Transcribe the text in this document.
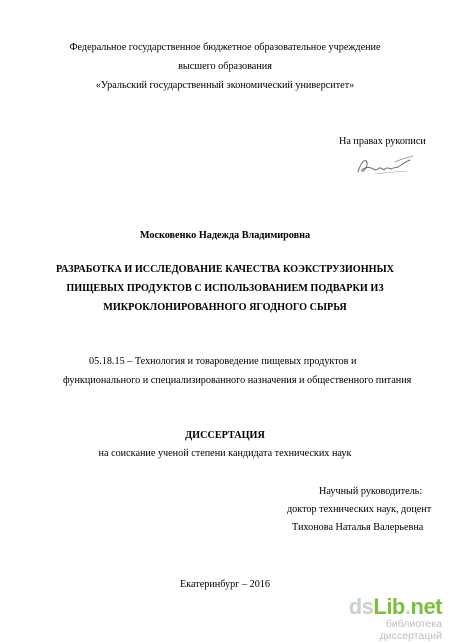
Федеральное государственное бюджетное образовательное учреждение

высшего образования

«Уральский государственный экономический университет»

На правах рукописи

Московенко Надежда Владимировна

РАЗРАБОТКА И ИССЛЕДОВАНИЕ КАЧЕСТВА КОЭКСТРУЗИОННЫХ

ПИЩЕВЫХ ПРОДУКТОВ С ИСПОЛЬЗОВАНИЕМ ПОДВАРКИ ИЗ

МИКРОКЛОНИРОВАННОГО ЯГОДНОГО СЫРЬЯ

05.18.15 – Технология и товароведение пищевых продуктов и

функционального и специализированного назначения и общественного питания

ДИССЕРТАЦИЯ

на соискание ученой степени кандидата технических наук

Научный руководитель:

доктор технических наук, доцент

Тихонова Наталья Валерьевна

Екатеринбург – 2016

dsLib.net
библиотека диссертаций
